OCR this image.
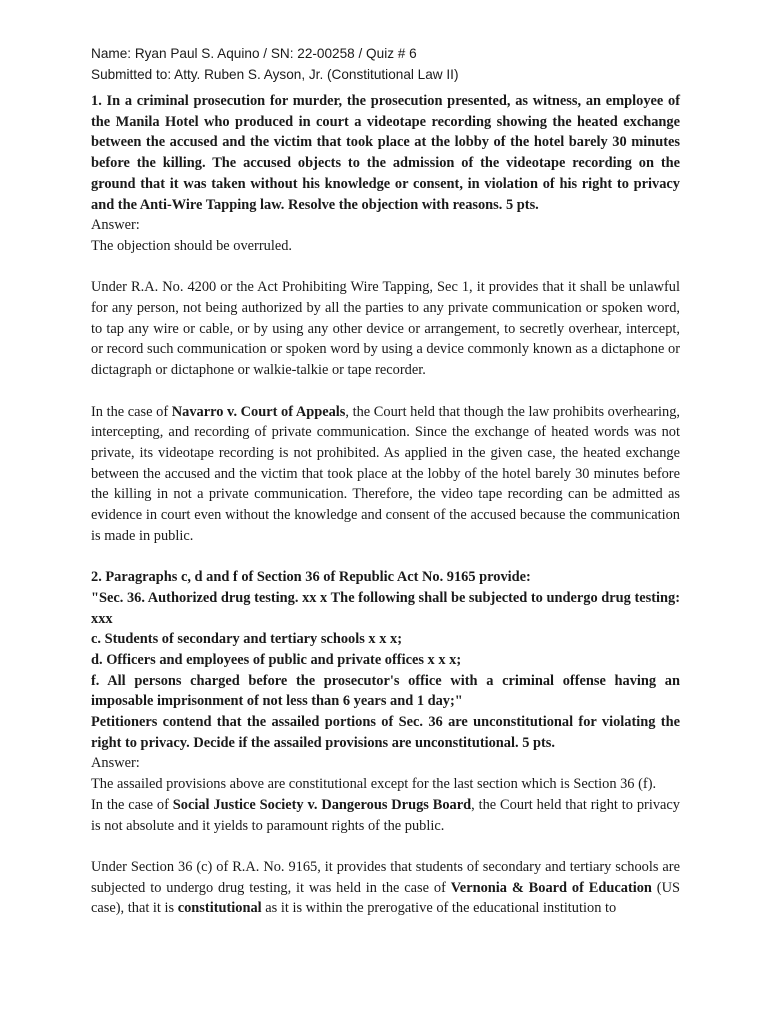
Name: Ryan Paul S. Aquino / SN: 22-00258 / Quiz # 6
Submitted to: Atty. Ruben S. Ayson, Jr. (Constitutional Law II)

1. In a criminal prosecution for murder, the prosecution presented, as witness, an employee of the Manila Hotel who produced in court a videotape recording showing the heated exchange between the accused and the victim that took place at the lobby of the hotel barely 30 minutes before the killing. The accused objects to the admission of the videotape recording on the ground that it was taken without his knowledge or consent, in violation of his right to privacy and the Anti-Wire Tapping law. Resolve the objection with reasons. 5 pts.

Answer:

The objection should be overruled.

Under R.A. No. 4200 or the Act Prohibiting Wire Tapping, Sec 1, it provides that it shall be unlawful for any person, not being authorized by all the parties to any private communication or spoken word, to tap any wire or cable, or by using any other device or arrangement, to secretly overhear, intercept, or record such communication or spoken word by using a device commonly known as a dictaphone or dictagraph or dictaphone or walkie-talkie or tape recorder.

In the case of Navarro v. Court of Appeals, the Court held that though the law prohibits overhearing, intercepting, and recording of private communication. Since the exchange of heated words was not private, its videotape recording is not prohibited. As applied in the given case, the heated exchange between the accused and the victim that took place at the lobby of the hotel barely 30 minutes before the killing in not a private communication. Therefore, the video tape recording can be admitted as evidence in court even without the knowledge and consent of the accused because the communication is made in public.

2. Paragraphs c, d and f of Section 36 of Republic Act No. 9165 provide:

"Sec. 36. Authorized drug testing. xx x The following shall be subjected to undergo drug testing: xxx

c. Students of secondary and tertiary schools x x x;

d. Officers and employees of public and private offices x x x;

f. All persons charged before the prosecutor's office with a criminal offense having an imposable imprisonment of not less than 6 years and 1 day;"

Petitioners contend that the assailed portions of Sec. 36 are unconstitutional for violating the right to privacy. Decide if the assailed provisions are unconstitutional. 5 pts.

Answer:

The assailed provisions above are constitutional except for the last section which is Section 36 (f).

In the case of Social Justice Society v. Dangerous Drugs Board, the Court held that right to privacy is not absolute and it yields to paramount rights of the public.

Under Section 36 (c) of R.A. No. 9165, it provides that students of secondary and tertiary schools are subjected to undergo drug testing, it was held in the case of Vernonia & Board of Education (US case), that it is constitutional as it is within the prerogative of the educational institution to
